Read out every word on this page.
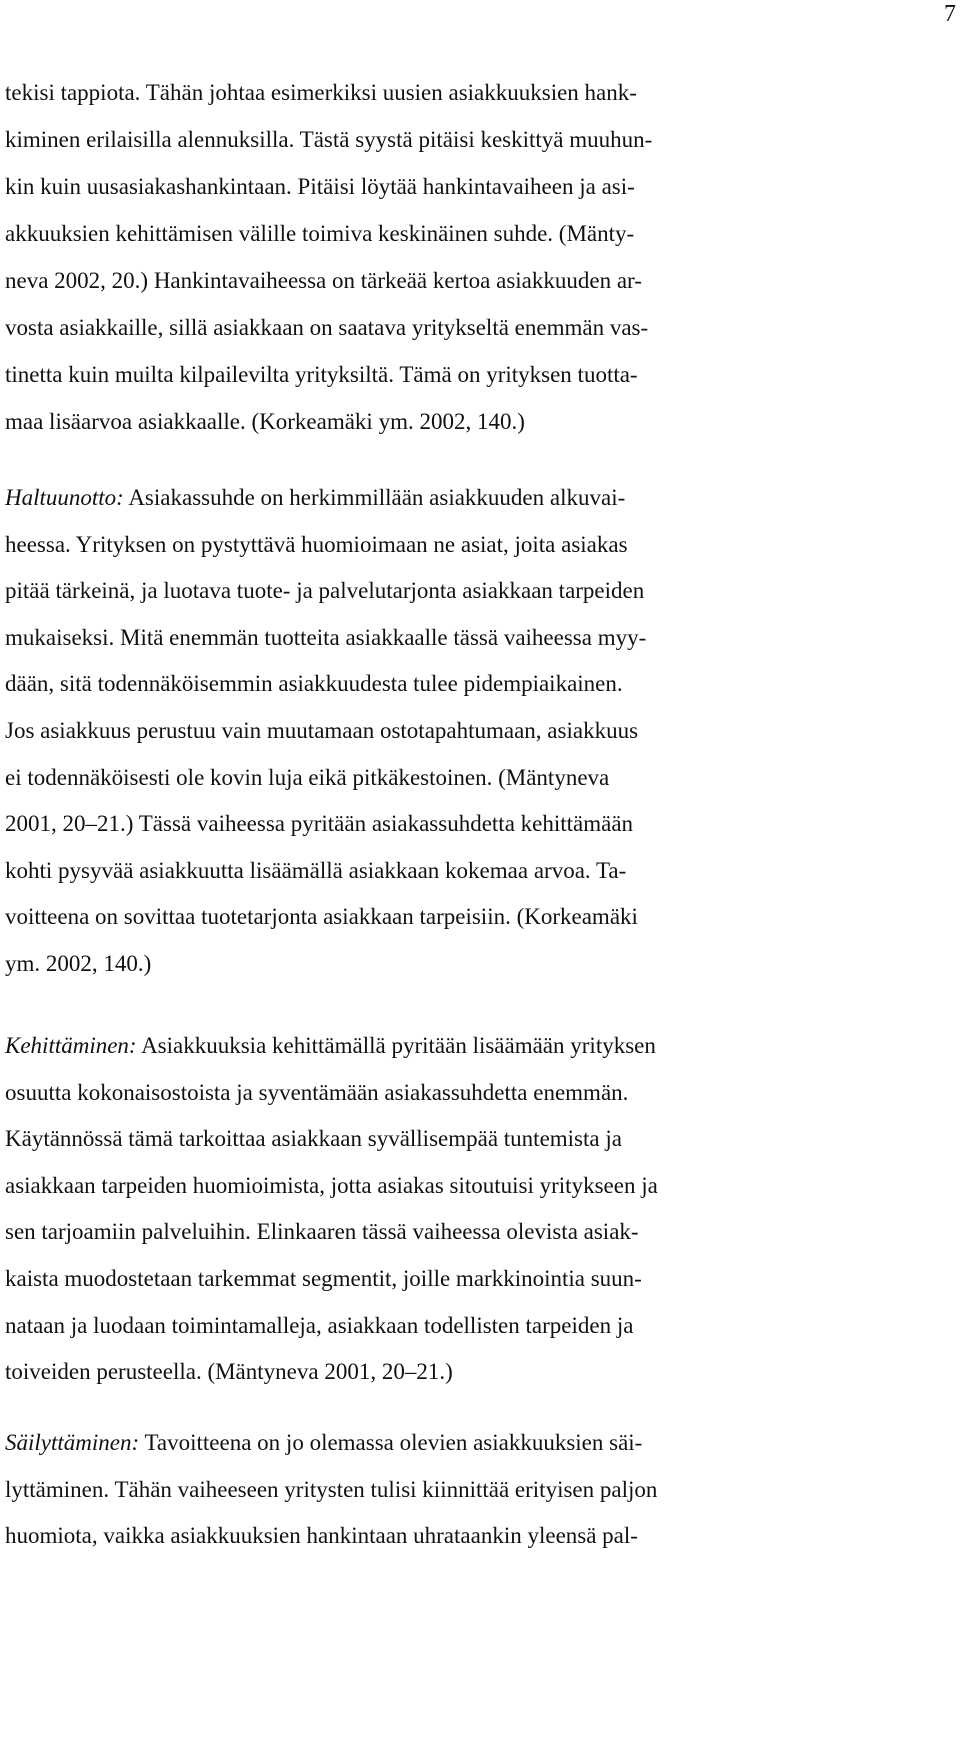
7
tekisi tappiota. Tähän johtaa esimerkiksi uusien asiakkuuksien hank-
kiminen erilaisilla alennuksilla. Tästä syystä pitäisi keskittyä muuhun-
kin kuin uusasiakashankintaan. Pitäisi löytää hankintavaiheen ja asi-
akkuuksien kehittämisen välille toimiva keskinäinen suhde. (Mänty-
neva 2002, 20.) Hankintavaiheessa on tärkeää kertoa asiakkuuden ar-
vosta asiakkaille, sillä asiakkaan on saatava yritykseltä enemmän vas-
tinetta kuin muilta kilpailevilta yrityksiltä. Tämä on yrityksen tuotta-
maa lisäarvoa asiakkaalle. (Korkeamäki ym. 2002, 140.)
Haltuunotto: Asiakassuhde on herkimmillään asiakkuuden alkuvai-
heessa. Yrityksen on pystyttävä huomioimaan ne asiat, joita asiakas
pitää tärkeinä, ja luotava tuote- ja palvelutarjonta asiakkaan tarpeiden
mukaiseksi. Mitä enemmän tuotteita asiakkaalle tässä vaiheessa myy-
dään, sitä todennäköisemmin asiakkuudesta tulee pidempiaikainen.
Jos asiakkuus perustuu vain muutamaan ostotapahtumaan, asiakkuus
ei todennäköisesti ole kovin luja eikä pitkäkestoinen. (Mäntyneva
2001, 20–21.) Tässä vaiheessa pyritään asiakassuhdetta kehittämään
kohti pysyvää asiakkuutta lisäämällä asiakkaan kokemaa arvoa. Ta-
voitteena on sovittaa tuotetarjonta asiakkaan tarpeisiin. (Korkeamäki
ym. 2002, 140.)
Kehittäminen: Asiakkuuksia kehittämällä pyritään lisäämään yrityksen
osuutta kokonaisostoista ja syventämään asiakassuhdetta enemmän.
Käytännössä tämä tarkoittaa asiakkaan syvällisempää tuntemista ja
asiakkaan tarpeiden huomioimista, jotta asiakas sitoutuisi yritykseen ja
sen tarjoamiin palveluihin. Elinkaaren tässä vaiheessa olevista asiak-
kaista muodostetaan tarkemmat segmentit, joille markkinointia suun-
nataan ja luodaan toimintamalleja, asiakkaan todellisten tarpeiden ja
toiveiden perusteella. (Mäntyneva 2001, 20–21.)
Säilyttäminen: Tavoitteena on jo olemassa olevien asiakkuuksien säi-
lyttäminen. Tähän vaiheeseen yritysten tulisi kiinnittää erityisen paljon
huomiota, vaikka asiakkuuksien hankintaan uhrataankin yleensä pal-
